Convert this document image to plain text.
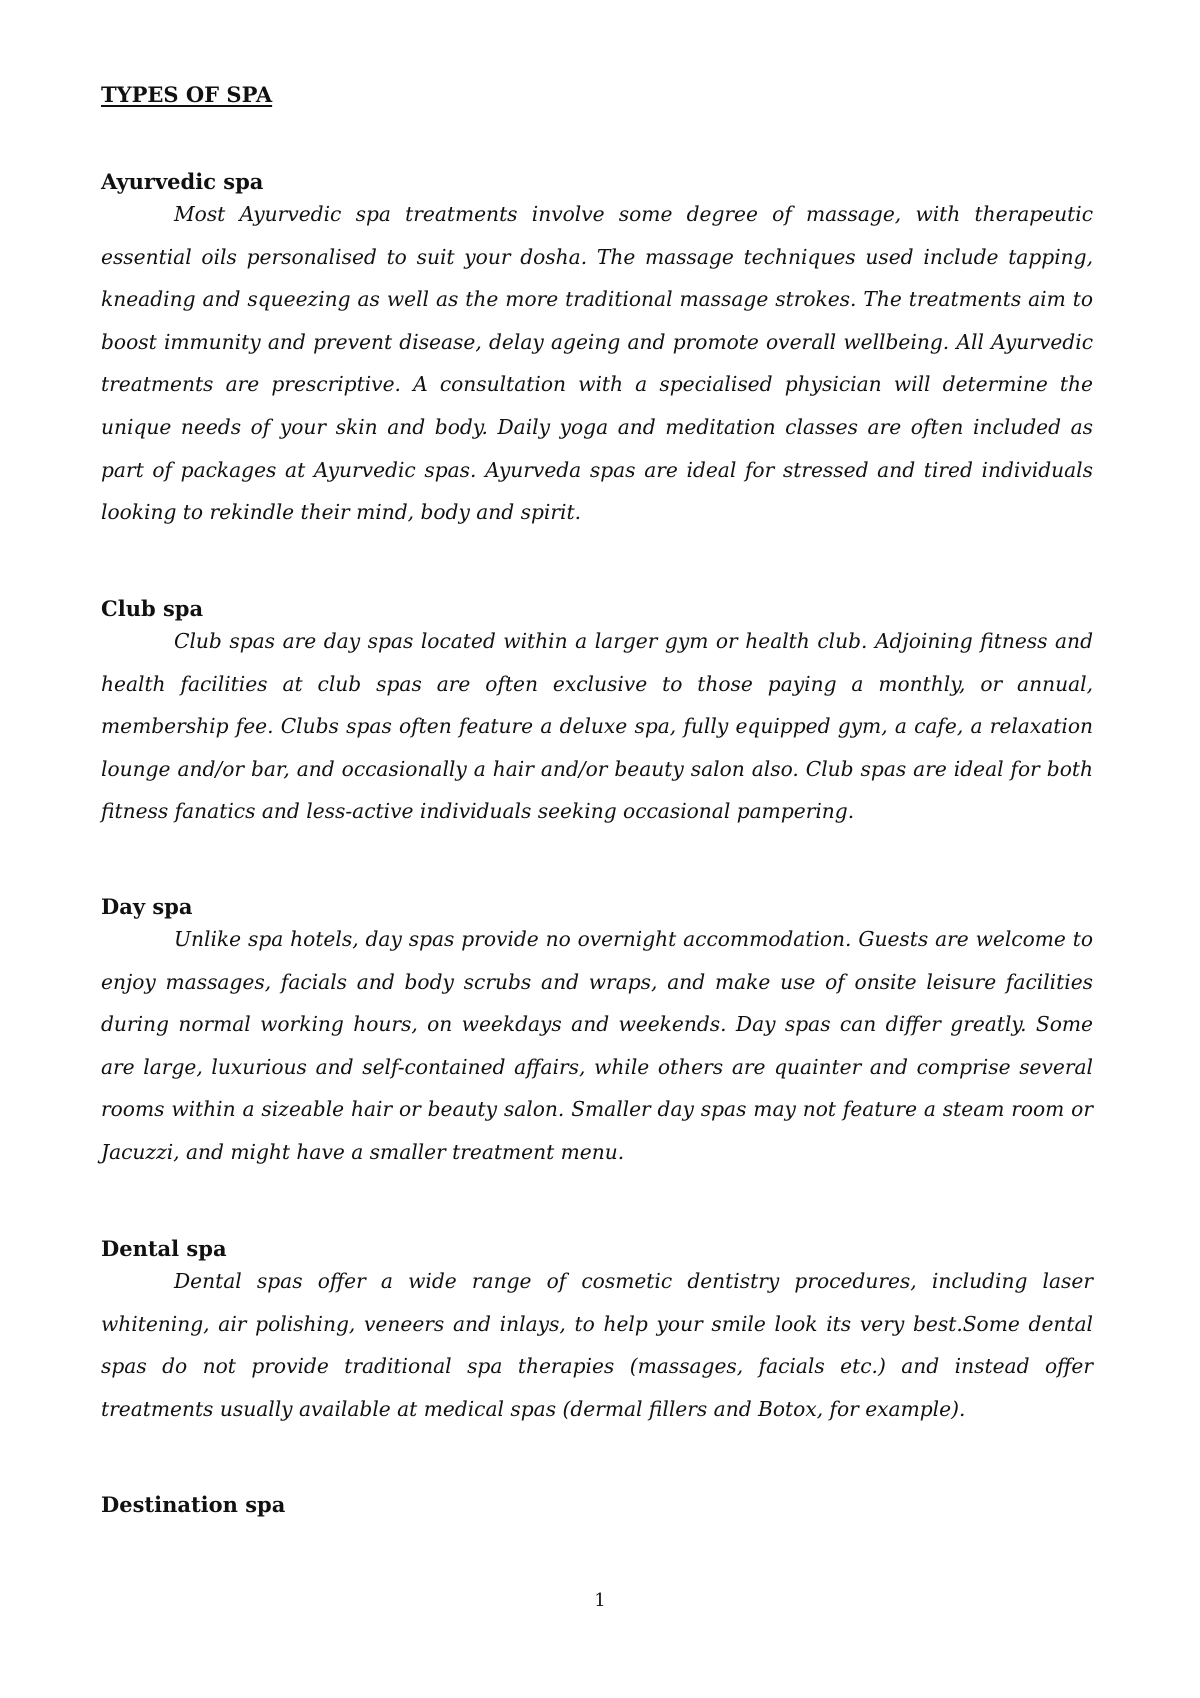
TYPES OF SPA
Ayurvedic spa

Most Ayurvedic spa treatments involve some degree of massage, with therapeutic essential oils personalised to suit your dosha. The massage techniques used include tapping, kneading and squeezing as well as the more traditional massage strokes. The treatments aim to boost immunity and prevent disease, delay ageing and promote overall wellbeing. All Ayurvedic treatments are prescriptive. A consultation with a specialised physician will determine the unique needs of your skin and body. Daily yoga and meditation classes are often included as part of packages at Ayurvedic spas. Ayurveda spas are ideal for stressed and tired individuals looking to rekindle their mind, body and spirit.

Club spa

Club spas are day spas located within a larger gym or health club. Adjoining fitness and health facilities at club spas are often exclusive to those paying a monthly, or annual, membership fee. Clubs spas often feature a deluxe spa, fully equipped gym, a cafe, a relaxation lounge and/or bar, and occasionally a hair and/or beauty salon also. Club spas are ideal for both fitness fanatics and less-active individuals seeking occasional pampering.

Day spa

Unlike spa hotels, day spas provide no overnight accommodation. Guests are welcome to enjoy massages, facials and body scrubs and wraps, and make use of onsite leisure facilities during normal working hours, on weekdays and weekends. Day spas can differ greatly. Some are large, luxurious and self-contained affairs, while others are quainter and comprise several rooms within a sizeable hair or beauty salon. Smaller day spas may not feature a steam room or Jacuzzi, and might have a smaller treatment menu.

Dental spa

Dental spas offer a wide range of cosmetic dentistry procedures, including laser whitening, air polishing, veneers and inlays, to help your smile look its very best.Some dental spas do not provide traditional spa therapies (massages, facials etc.) and instead offer treatments usually available at medical spas (dermal fillers and Botox, for example).

Destination spa
1
